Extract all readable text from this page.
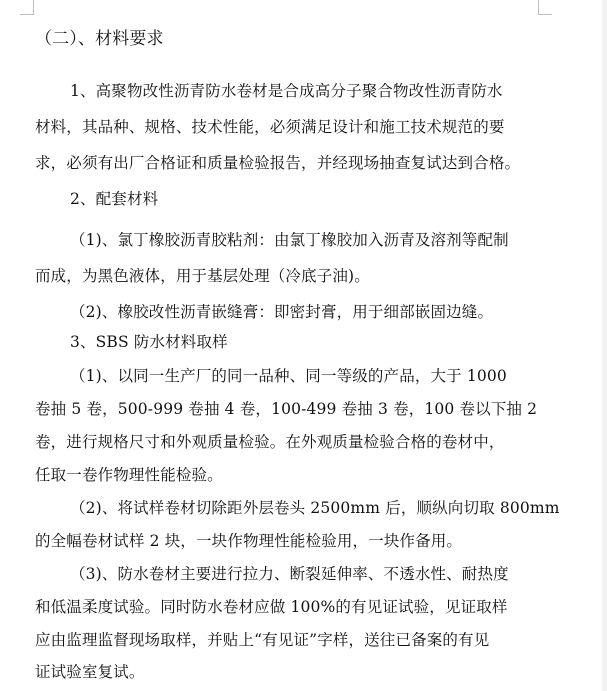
（二）、材料要求
1、高聚物改性沥青防水卷材是合成高分子聚合物改性沥青防水
材料，其品种、规格、技术性能，必须满足设计和施工技术规范的要
求，必须有出厂合格证和质量检验报告，并经现场抽查复试达到合格。
2、配套材料
（1)、氯丁橡胶沥青胶粘剂：由氯丁橡胶加入沥青及溶剂等配制
而成，为黑色液体，用于基层处理（冷底子油)。
（2)、橡胶改性沥青嵌缝膏：即密封膏，用于细部嵌固边缝。
3、SBS 防水材料取样
（1)、以同一生产厂的同一品种、同一等级的产品，大于 1000
卷抽 5 卷，500-999 卷抽 4 卷，100-499 卷抽 3 卷，100 卷以下抽 2
卷，进行规格尺寸和外观质量检验。在外观质量检验合格的卷材中，
任取一卷作物理性能检验。
（2)、将试样卷材切除距外层卷头 2500mm 后，顺纵向切取 800mm
的全幅卷材试样 2 块，一块作物理性能检验用，一块作备用。
（3)、防水卷材主要进行拉力、断裂延伸率、不透水性、耐热度
和低温柔度试验。同时防水卷材应做 100%的有见证试验，见证取样
应由监理监督现场取样，并贴上“有见证”字样，送往已备案的有见
证试验室复试。
